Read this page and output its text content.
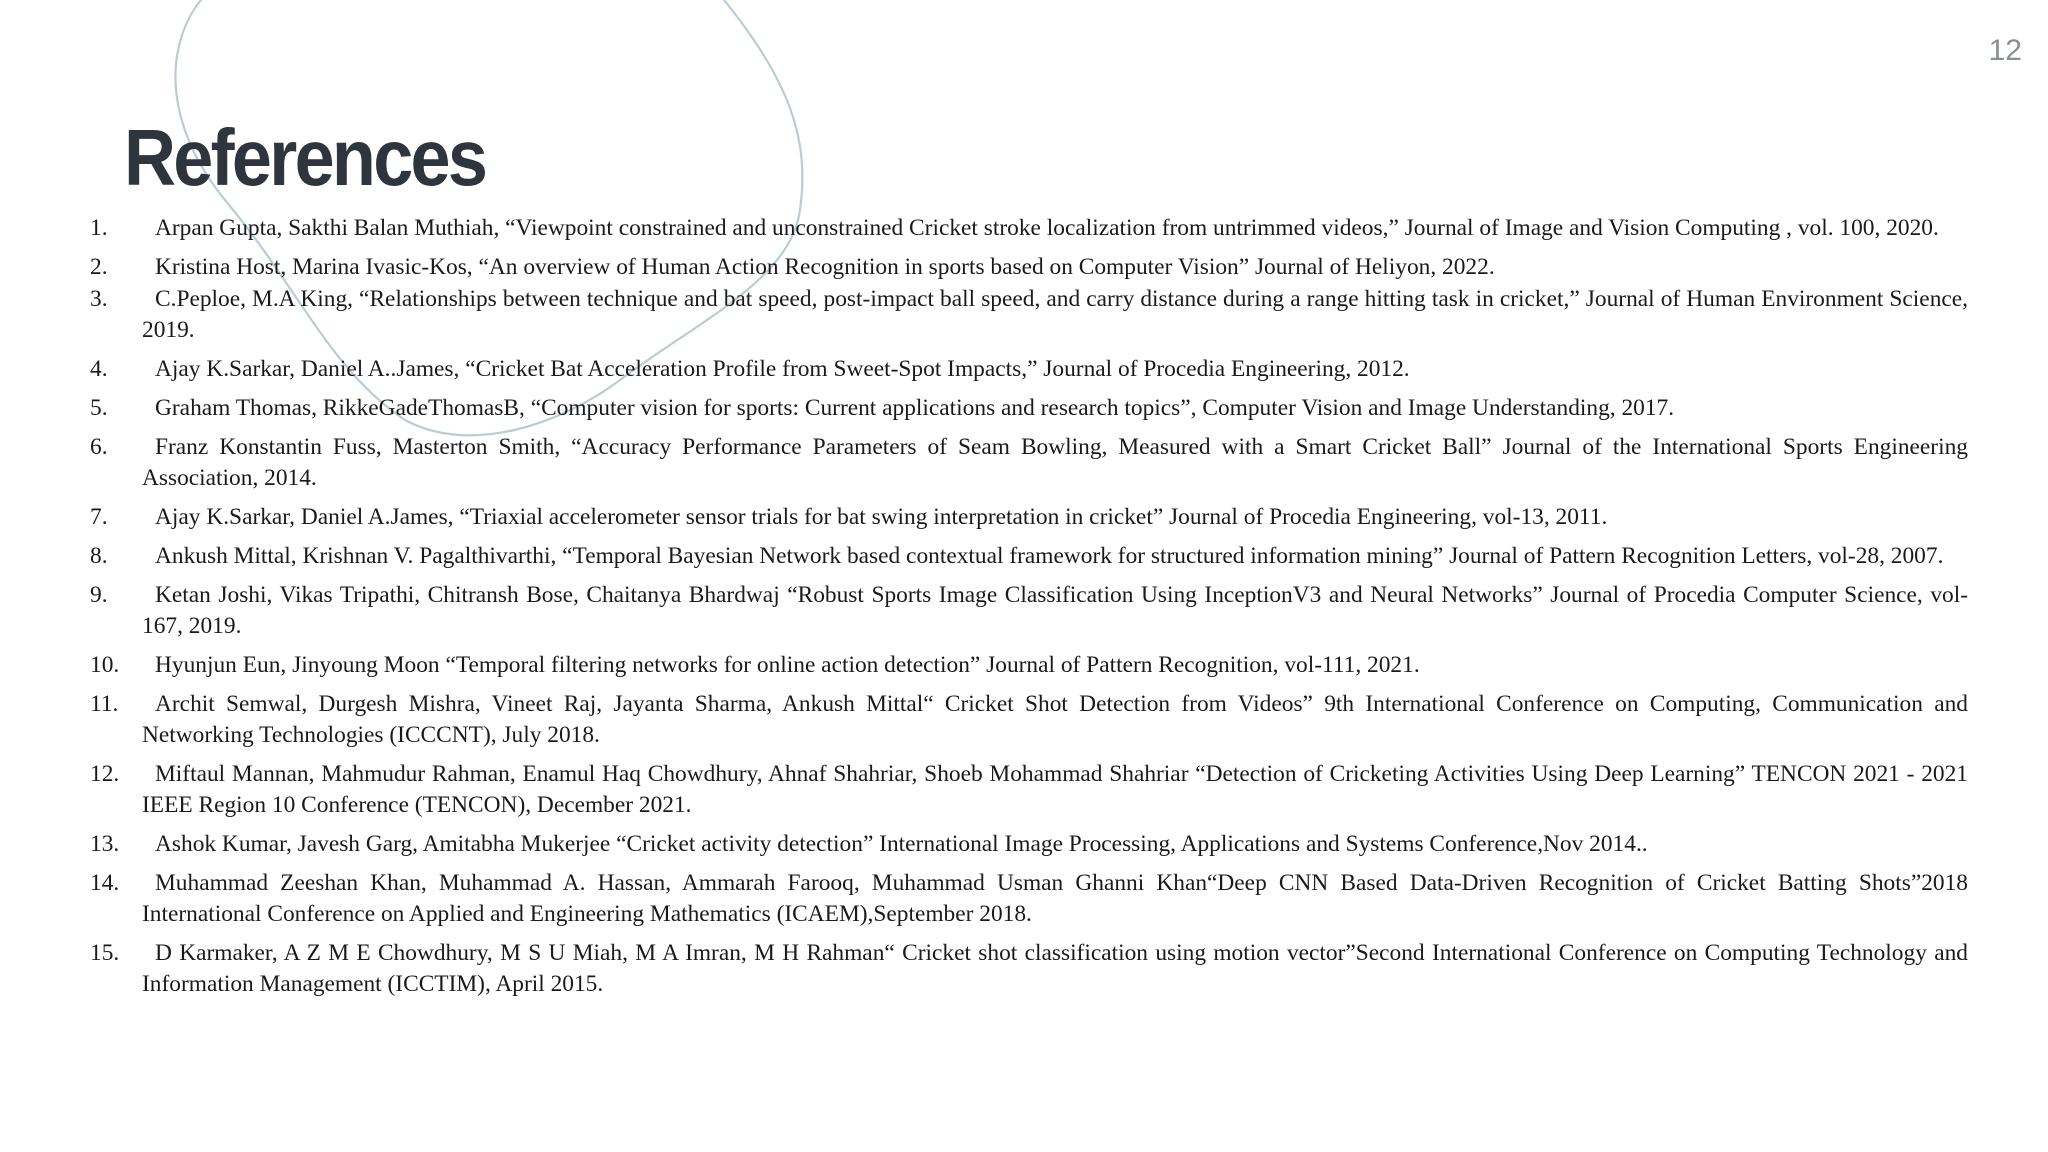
12
References
1.	Arpan Gupta, Sakthi Balan Muthiah, “Viewpoint constrained and unconstrained Cricket stroke localization from untrimmed videos,” Journal of Image and Vision Computing , vol. 100, 2020.
2.	Kristina Host, Marina Ivasic-Kos, “An overview of Human Action Recognition in sports based on Computer Vision” Journal of Heliyon, 2022.
3.	C.Peploe, M.A King, “Relationships between technique and bat speed, post-impact ball speed, and carry distance during a range hitting task in cricket,” Journal of Human Environment Science, 2019.
4.	Ajay K.Sarkar, Daniel A..James, “Cricket Bat Acceleration Profile from Sweet-Spot Impacts,” Journal of Procedia Engineering, 2012.
5.	Graham Thomas, RikkeGadeThomasB, “Computer vision for sports: Current applications and research topics”, Computer Vision and Image Understanding, 2017.
6.	Franz Konstantin Fuss, Masterton Smith, “Accuracy Performance Parameters of Seam Bowling, Measured with a Smart Cricket Ball” Journal of the International Sports Engineering Association, 2014.
7.	Ajay K.Sarkar, Daniel A.James, “Triaxial accelerometer sensor trials for bat swing interpretation in cricket” Journal of Procedia Engineering, vol-13, 2011.
8.	Ankush Mittal, Krishnan V. Pagalthivarthi, “Temporal Bayesian Network based contextual framework for structured information mining” Journal of Pattern Recognition Letters, vol-28, 2007.
9.	Ketan Joshi, Vikas Tripathi, Chitransh Bose, Chaitanya Bhardwaj “Robust Sports Image Classification Using InceptionV3 and Neural Networks” Journal of Procedia Computer Science, vol-167, 2019.
10.	Hyunjun Eun, Jinyoung Moon “Temporal filtering networks for online action detection” Journal of Pattern Recognition, vol-111, 2021.
11.	Archit Semwal, Durgesh Mishra, Vineet Raj, Jayanta Sharma, Ankush Mittal“ Cricket Shot Detection from Videos” 9th International Conference on Computing, Communication and Networking Technologies (ICCCNT), July 2018.
12.	Miftaul Mannan, Mahmudur Rahman, Enamul Haq Chowdhury, Ahnaf Shahriar, Shoeb Mohammad Shahriar “Detection of Cricketing Activities Using Deep Learning” TENCON 2021 - 2021 IEEE Region 10 Conference (TENCON), December 2021.
13.	Ashok Kumar, Javesh Garg, Amitabha Mukerjee “Cricket activity detection” International Image Processing, Applications and Systems Conference,Nov 2014..
14.	Muhammad Zeeshan Khan, Muhammad A. Hassan, Ammarah Farooq, Muhammad Usman Ghanni Khan“Deep CNN Based Data-Driven Recognition of Cricket Batting Shots”2018 International Conference on Applied and Engineering Mathematics (ICAEM),September 2018.
15.	D Karmaker, A Z M E Chowdhury, M S U Miah, M A Imran, M H Rahman“ Cricket shot classification using motion vector”Second International Conference on Computing Technology and Information Management (ICCTIM), April 2015.
